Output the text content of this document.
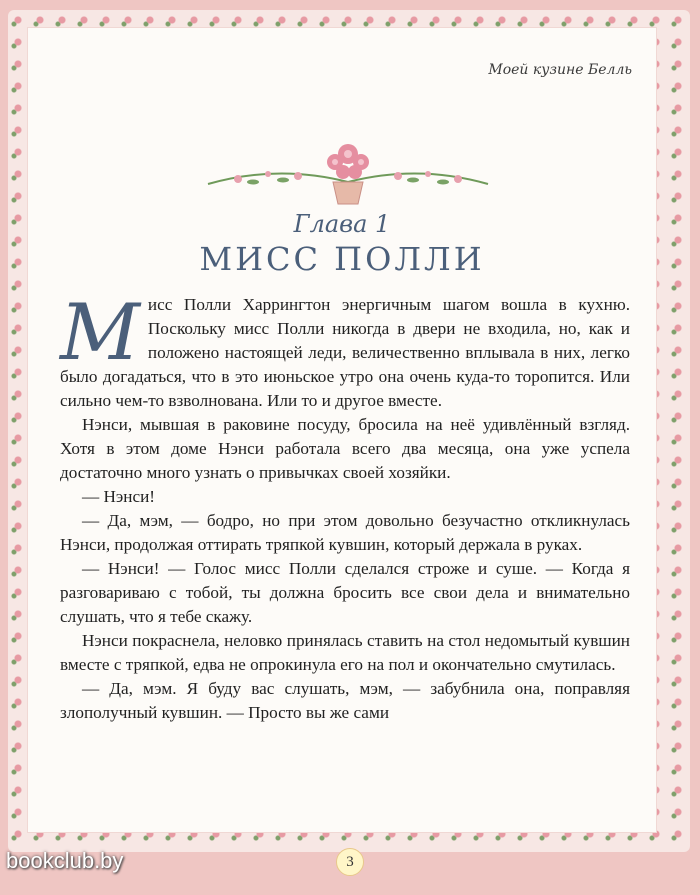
Моей кузине Белль
Глава 1
МИСС ПОЛЛИ

Мисс Полли Харрингтон энергичным шагом вошла в кухню. Поскольку мисс Полли никогда в двери не входила, но, как и положено настоящей леди, величественно вплывала в них, легко было догадаться, что в это июньское утро она очень куда-то торопится. Или сильно чем-то взволнована. Или то и другое вместе.

Нэнси, мывшая в раковине посуду, бросила на неё удивлённый взгляд. Хотя в этом доме Нэнси работала всего два месяца, она уже успела достаточно много узнать о привычках своей хозяйки.

— Нэнси!

— Да, мэм, — бодро, но при этом довольно безучастно откликнулась Нэнси, продолжая оттирать тряпкой кувшин, который держала в руках.

— Нэнси! — Голос мисс Полли сделался строже и суше. — Когда я разговариваю с тобой, ты должна бросить все свои дела и внимательно слушать, что я тебе скажу.

Нэнси покраснела, неловко принялась ставить на стол недомытый кувшин вместе с тряпкой, едва не опрокинула его на пол и окончательно смутилась.

— Да, мэм. Я буду вас слушать, мэм, — забубнила она, поправляя злополучный кувшин. — Просто вы же сами

3
bookclub.by
